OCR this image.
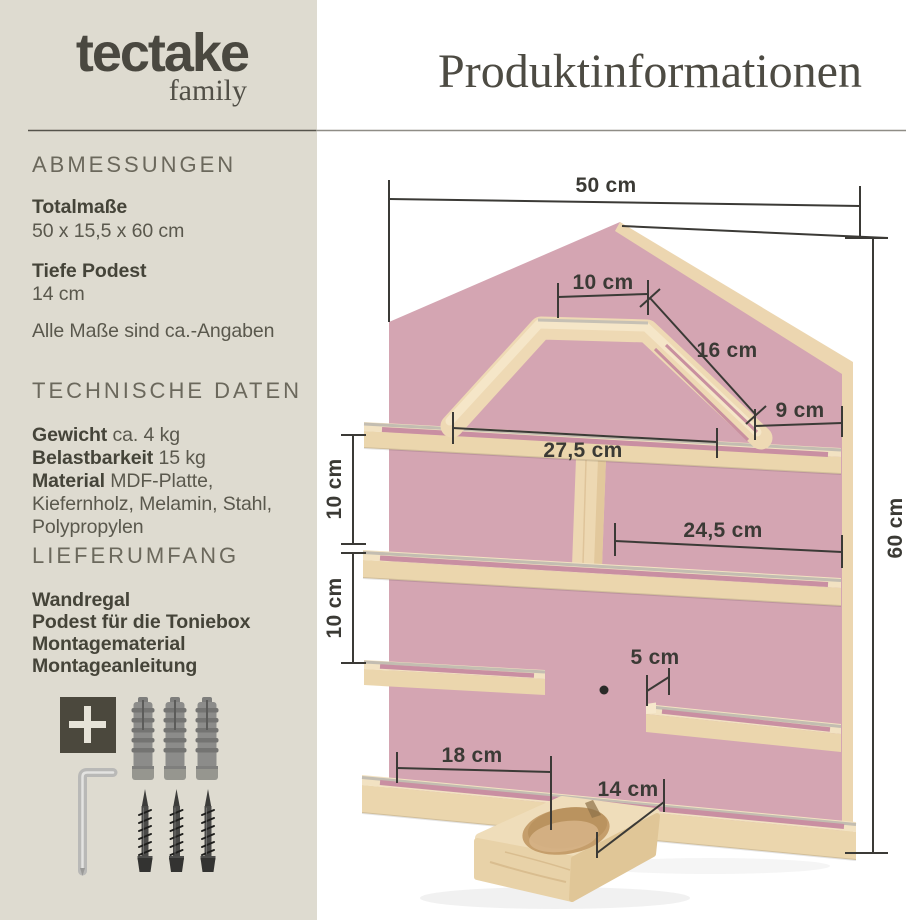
50 cm
60 cm
10 cm
16 cm
9 cm
27,5 cm
10 cm
10 cm
24,5 cm
5 cm
18 cm
14 cm
tectake
family	Produktinformationen
ABMESSUNGEN
Totalmaße
50 x 15,5 x 60 cm
Tiefe Podest
14 cm
Alle Maße sind ca.-Angaben
TECHNISCHE DATEN
Gewicht ca. 4 kg
Belastbarkeit 15 kg
Material MDF-Platte, Kiefernholz, Melamin, Stahl, Polypropylen
LIEFERUMFANG
Wandregal
Podest für die Toniebox
Montagematerial
Montageanleitung
